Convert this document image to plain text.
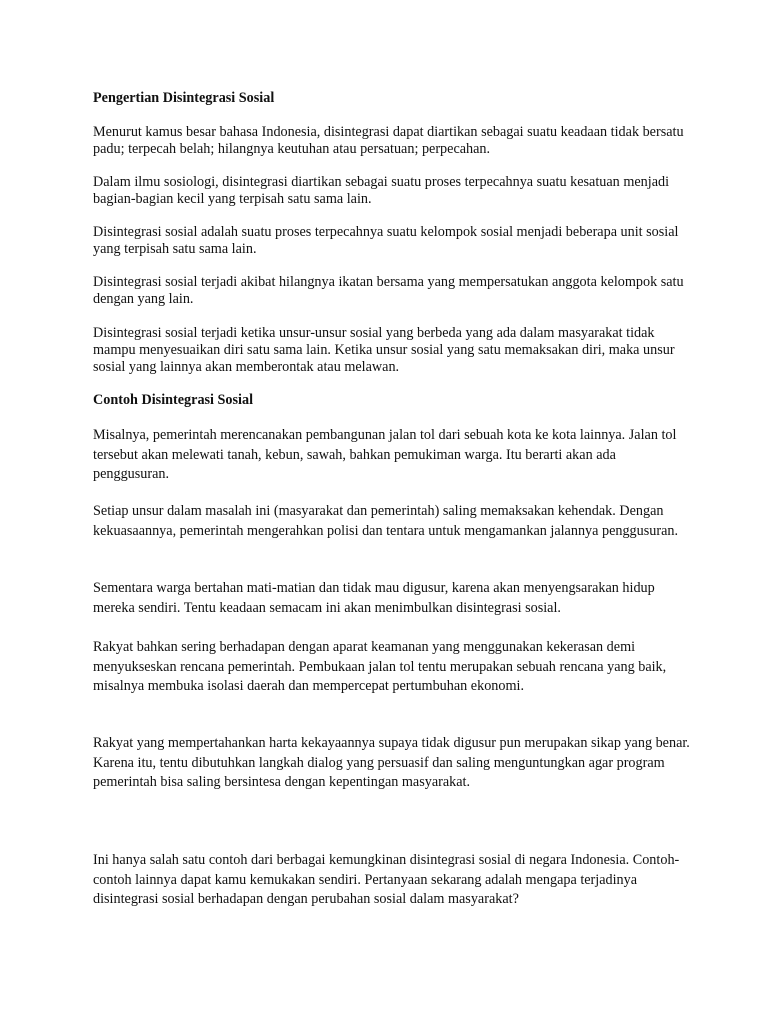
Pengertian Disintegrasi Sosial

Menurut kamus besar bahasa Indonesia, disintegrasi dapat diartikan sebagai suatu keadaan tidak bersatu padu; terpecah belah; hilangnya keutuhan atau persatuan; perpecahan.

Dalam ilmu sosiologi, disintegrasi diartikan sebagai suatu proses terpecahnya suatu kesatuan menjadi bagian-bagian kecil yang terpisah satu sama lain.

Disintegrasi sosial adalah suatu proses terpecahnya suatu kelompok sosial menjadi beberapa unit sosial yang terpisah satu sama lain.

Disintegrasi sosial terjadi akibat hilangnya ikatan bersama yang mempersatukan anggota kelompok satu dengan yang lain.

Disintegrasi sosial terjadi ketika unsur-unsur sosial yang berbeda yang ada dalam masyarakat tidak mampu menyesuaikan diri satu sama lain. Ketika unsur sosial yang satu memaksakan diri, maka unsur sosial yang lainnya akan memberontak atau melawan.

Contoh Disintegrasi Sosial

Misalnya, pemerintah merencanakan pembangunan jalan tol dari sebuah kota ke kota lainnya. Jalan tol tersebut akan melewati tanah, kebun, sawah, bahkan pemukiman warga. Itu berarti akan ada penggusuran.

Setiap unsur dalam masalah ini (masyarakat dan pemerintah) saling memaksakan kehendak. Dengan kekuasaannya, pemerintah mengerahkan polisi dan tentara untuk mengamankan jalannya penggusuran.

Sementara warga bertahan mati-matian dan tidak mau digusur, karena akan menyengsarakan hidup mereka sendiri. Tentu keadaan semacam ini akan menimbulkan disintegrasi sosial.

Rakyat bahkan sering berhadapan dengan aparat keamanan yang menggunakan kekerasan demi menyukseskan rencana pemerintah. Pembukaan jalan tol tentu merupakan sebuah rencana yang baik, misalnya membuka isolasi daerah dan mempercepat pertumbuhan ekonomi.

Rakyat yang mempertahankan harta kekayaannya supaya tidak digusur pun merupakan sikap yang benar. Karena itu, tentu dibutuhkan langkah dialog yang persuasif dan saling menguntungkan agar program pemerintah bisa saling bersintesa dengan kepentingan masyarakat.

Ini hanya salah satu contoh dari berbagai kemungkinan disintegrasi sosial di negara Indonesia. Contoh-contoh lainnya dapat kamu kemukakan sendiri. Pertanyaan sekarang adalah mengapa terjadinya disintegrasi sosial berhadapan dengan perubahan sosial dalam masyarakat?
